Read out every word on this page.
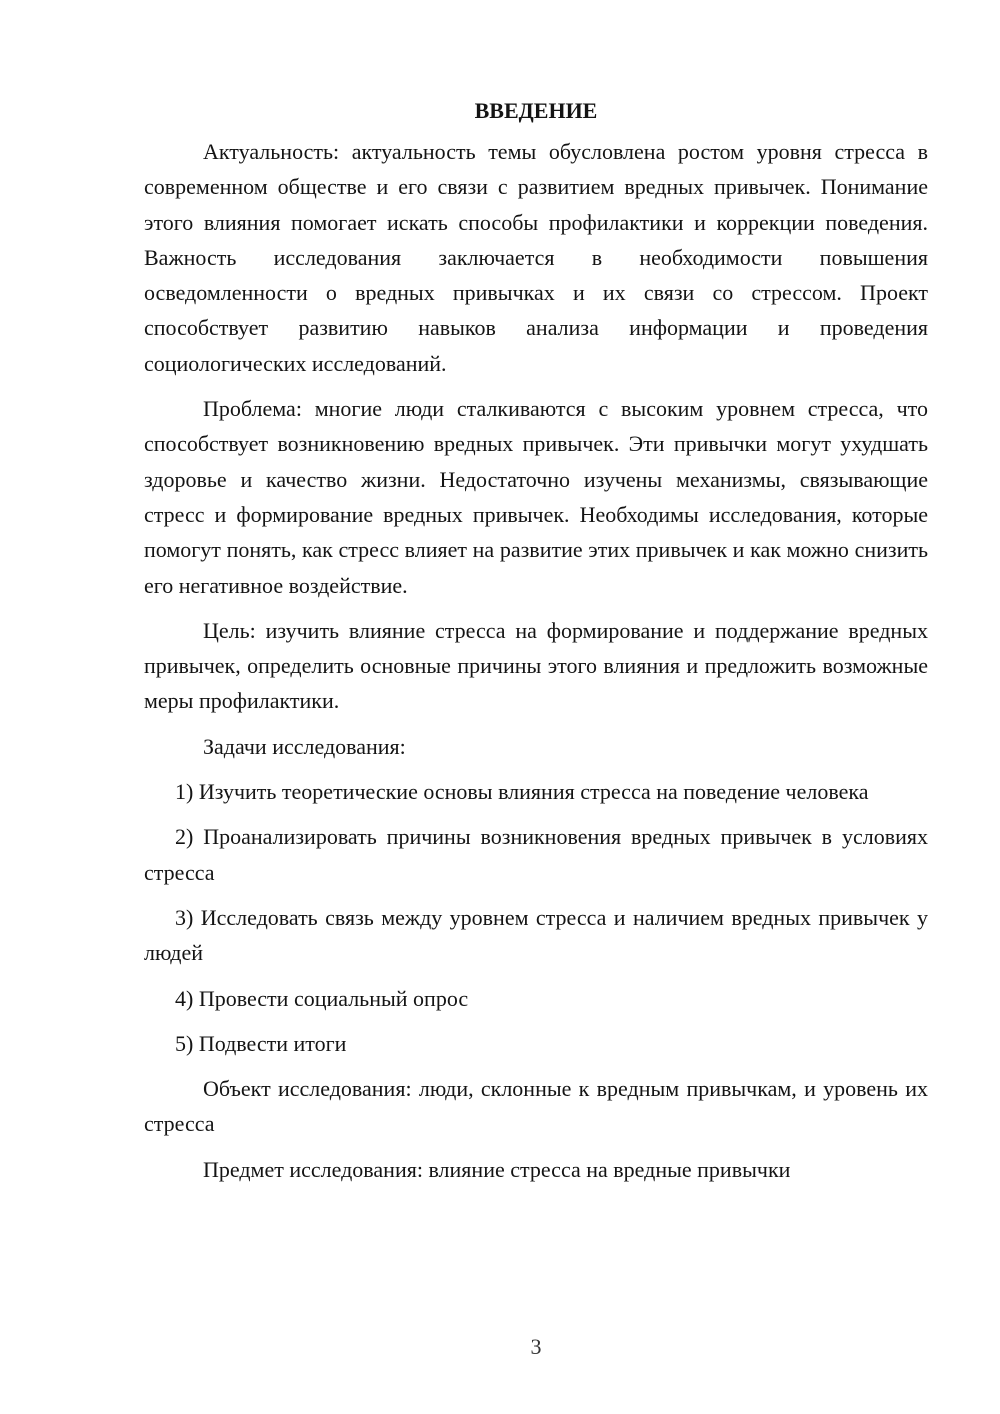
ВВЕДЕНИЕ

Актуальность: актуальность темы обусловлена ростом уровня стресса в современном обществе и его связи с развитием вредных привычек. Понимание этого влияния помогает искать способы профилактики и коррекции поведения. Важность исследования заключается в необходимости повышения осведомленности о вредных привычках и их связи со стрессом. Проект способствует развитию навыков анализа информации и проведения социологических исследований.

Проблема: многие люди сталкиваются с высоким уровнем стресса, что способствует возникновению вредных привычек. Эти привычки могут ухудшать здоровье и качество жизни. Недостаточно изучены механизмы, связывающие стресс и формирование вредных привычек. Необходимы исследования, которые помогут понять, как стресс влияет на развитие этих привычек и как можно снизить его негативное воздействие.

Цель: изучить влияние стресса на формирование и поддержание вредных привычек, определить основные причины этого влияния и предложить возможные меры профилактики.

Задачи исследования:

1) Изучить теоретические основы влияния стресса на поведение человека

2) Проанализировать причины возникновения вредных привычек в условиях стресса

3) Исследовать связь между уровнем стресса и наличием вредных привычек у людей

4) Провести социальный опрос

5) Подвести итоги

Объект исследования: люди, склонные к вредным привычкам, и уровень их стресса

Предмет исследования: влияние стресса на вредные привычки

3
